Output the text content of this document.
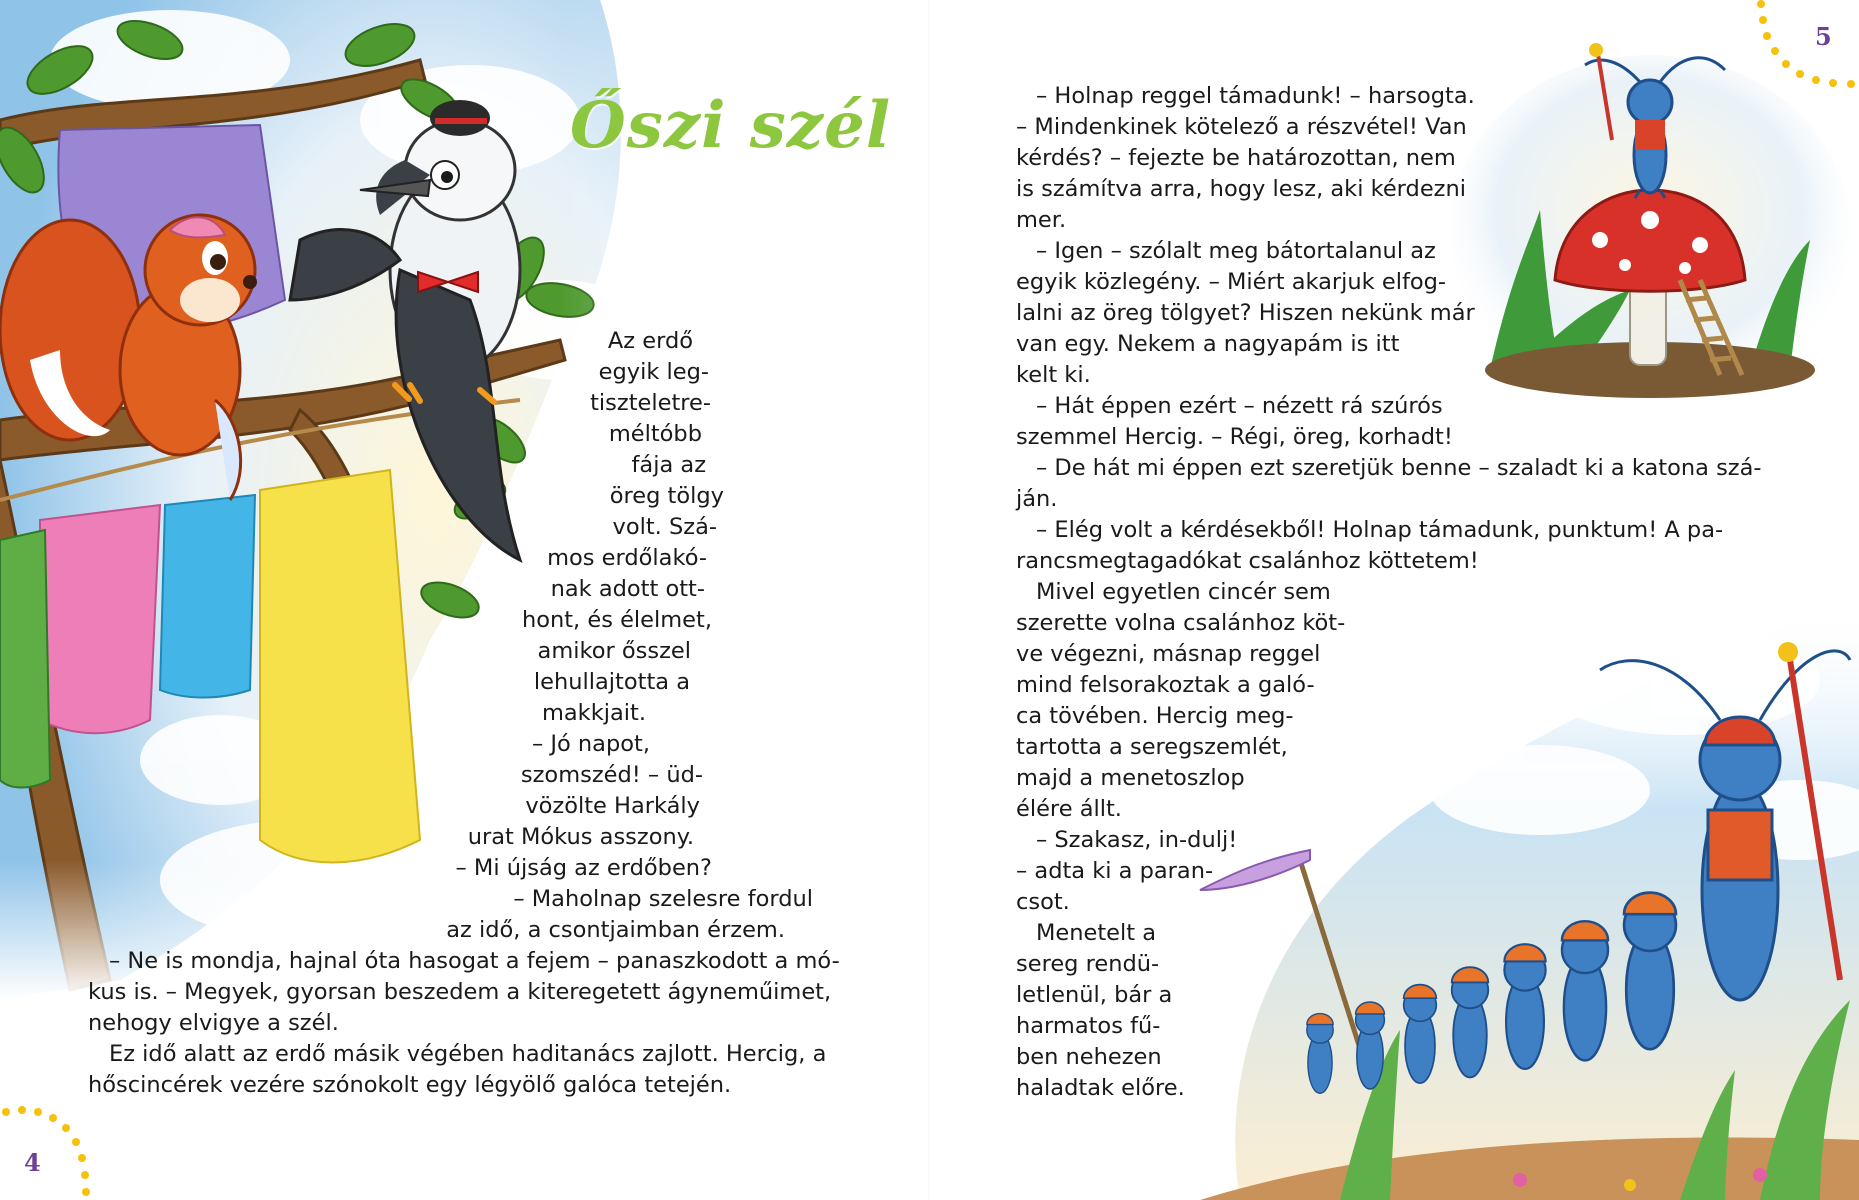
Őszi szél

Az erdő

egyik leg-

tiszteletre-

méltóbb

fája az

öreg tölgy

volt. Szá-

mos erdőlakó-

nak adott ott-

hont, és élelmet,

amikor ősszel

lehullajtotta a

makkjait.

– Jó napot,

szomszéd! – üd-

vözölte Harkály

urat Mókus asszony.

– Mi újság az erdőben?

– Maholnap szelesre fordul

az idő, a csontjaimban érzem.

– Ne is mondja, hajnal óta hasogat a fejem – panaszkodott a mó-

kus is. – Megyek, gyorsan beszedem a kiteregetett ágyneműimet,

nehogy elvigye a szél.

Ez idő alatt az erdő másik végében haditanács zajlott. Hercig, a

hőscincérek vezére szónokolt egy légyölő galóca tetején.

4

– Holnap reggel támadunk! – harsogta.

– Mindenkinek kötelező a részvétel! Van

kérdés? – fejezte be határozottan, nem

is számítva arra, hogy lesz, aki kérdezni

mer.

– Igen – szólalt meg bátortalanul az

egyik közlegény. – Miért akarjuk elfog-

lalni az öreg tölgyet? Hiszen nekünk már

van egy. Nekem a nagyapám is itt

kelt ki.

– Hát éppen ezért – nézett rá szúrós

szemmel Hercig. – Régi, öreg, korhadt!

– De hát mi éppen ezt szeretjük benne – szaladt ki a katona szá-

ján.

– Elég volt a kérdésekből! Holnap támadunk, punktum! A pa-

rancsmegtagadókat csalánhoz köttetem!

Mivel egyetlen cincér sem

szerette volna csalánhoz köt-

ve végezni, másnap reggel

mind felsorakoztak a galó-

ca tövében. Hercig meg-

tartotta a seregszemlét,

majd a menetoszlop

élére állt.

– Szakasz, in-dulj!

– adta ki a paran-

csot.

Menetelt a

sereg rendü-

letlenül, bár a

harmatos fű-

ben nehezen

haladtak előre.

5
